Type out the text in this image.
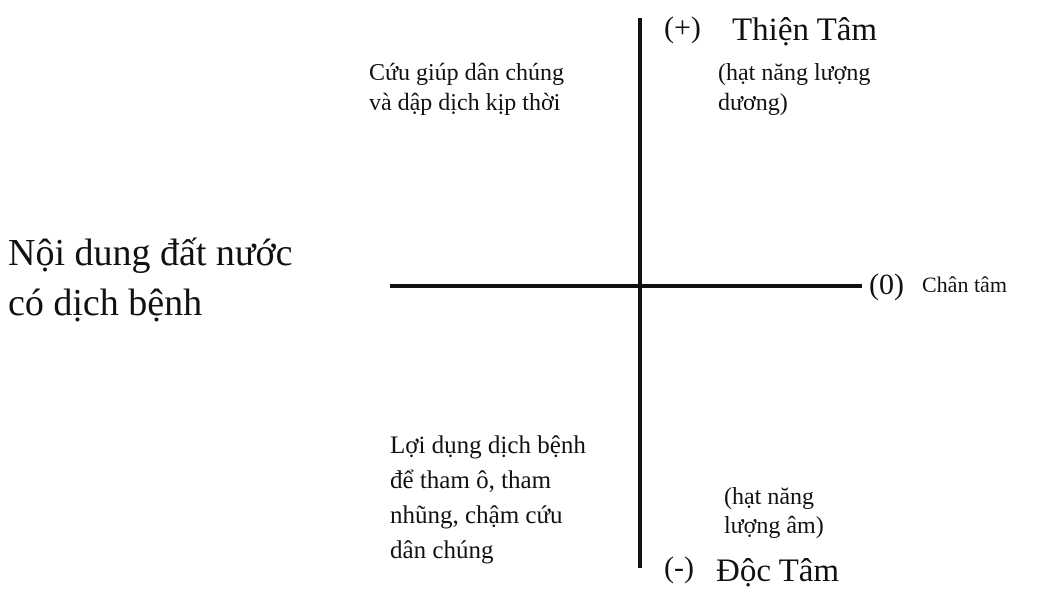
Nội dung đất nước
có dịch bệnh
(+) Thiện Tâm
(hạt năng lượng
dương)
Cứu giúp dân chúng
và dập dịch kịp thời
(0) Chân tâm
Lợi dụng dịch bệnh
để tham ô, tham
nhũng, chậm cứu
dân chúng
(hạt năng
lượng âm)
(-) Độc Tâm
